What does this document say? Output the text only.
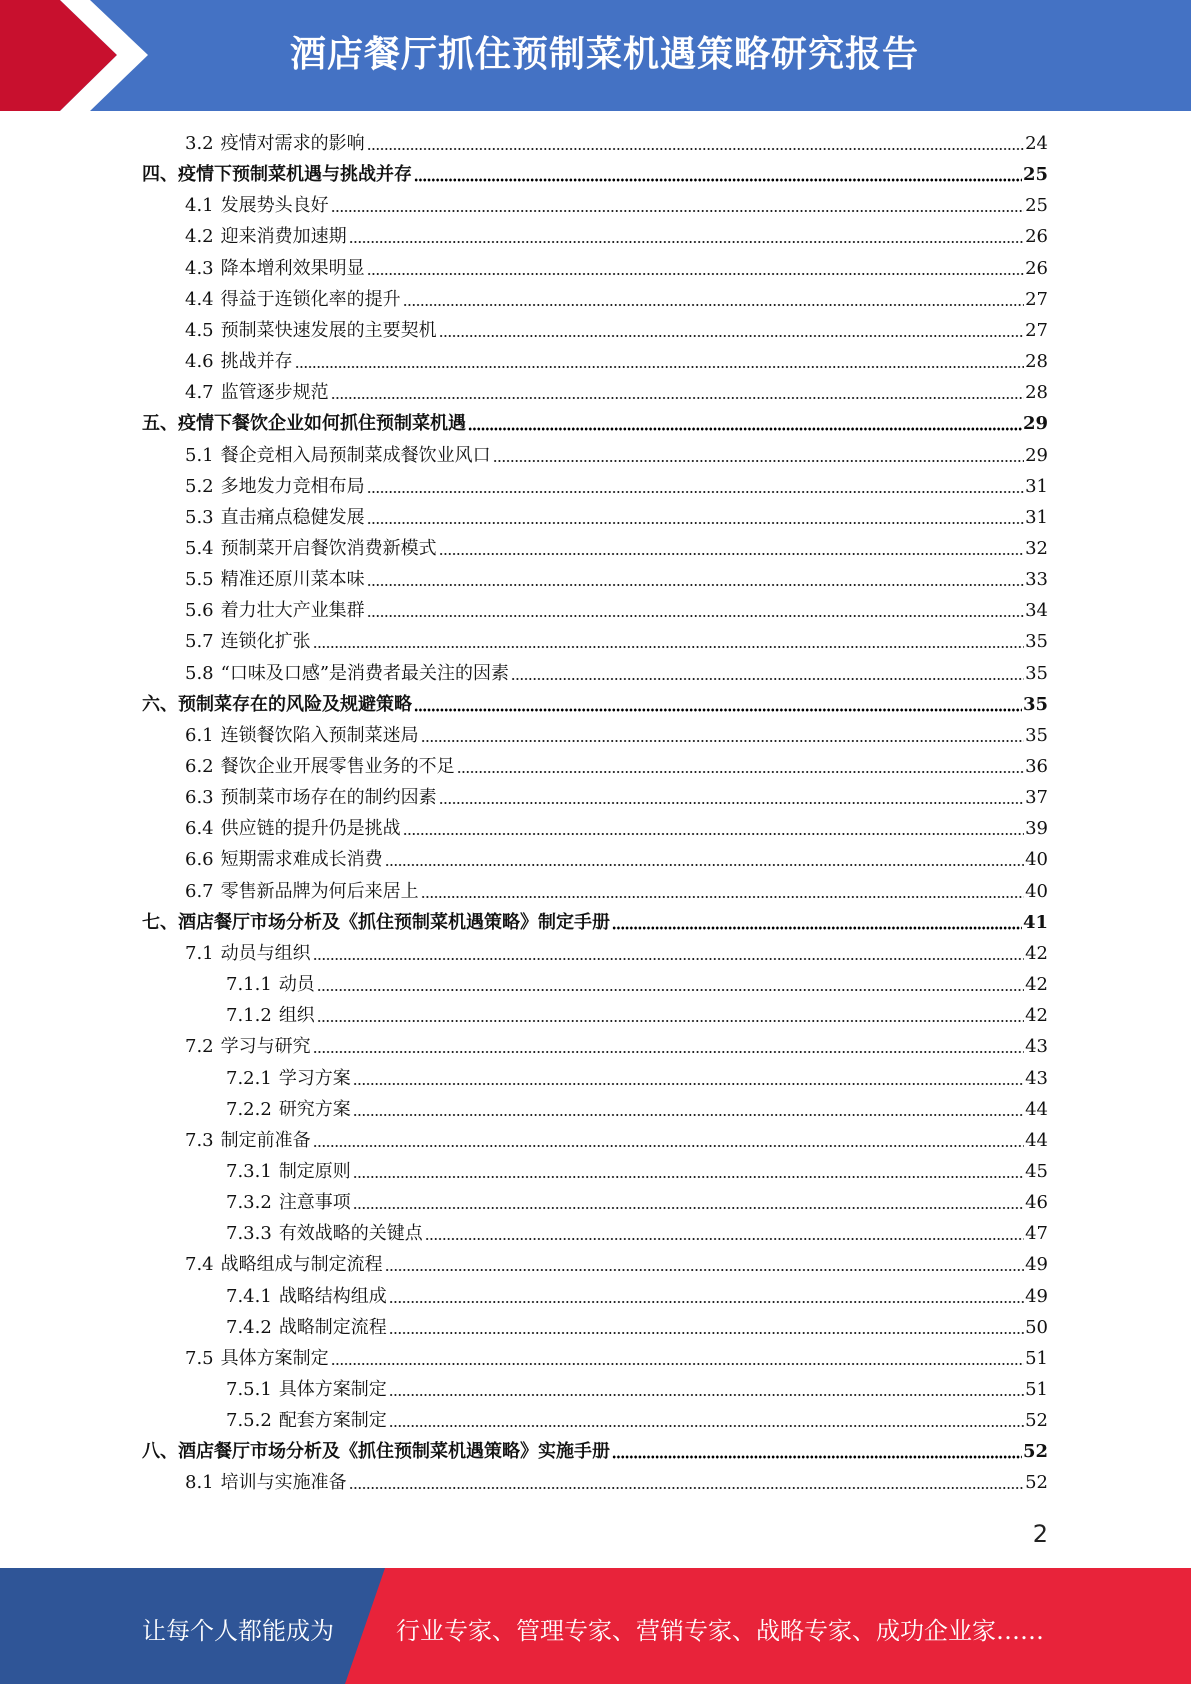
酒店餐厅抓住预制菜机遇策略研究报告
3.2 疫情对需求的影响	24
四、疫情下预制菜机遇与挑战并存	25
4.1 发展势头良好	25
4.2 迎来消费加速期	26
4.3 降本增利效果明显	26
4.4 得益于连锁化率的提升	27
4.5 预制菜快速发展的主要契机	27
4.6 挑战并存	28
4.7 监管逐步规范	28
五、疫情下餐饮企业如何抓住预制菜机遇	29
5.1 餐企竞相入局预制菜成餐饮业风口	29
5.2 多地发力竞相布局	31
5.3 直击痛点稳健发展	31
5.4 预制菜开启餐饮消费新模式	32
5.5 精准还原川菜本味	33
5.6 着力壮大产业集群	34
5.7 连锁化扩张	35
5.8 “口味及口感”是消费者最关注的因素	35
六、预制菜存在的风险及规避策略	35
6.1 连锁餐饮陷入预制菜迷局	35
6.2 餐饮企业开展零售业务的不足	36
6.3 预制菜市场存在的制约因素	37
6.4 供应链的提升仍是挑战	39
6.6 短期需求难成长消费	40
6.7 零售新品牌为何后来居上	40
七、酒店餐厅市场分析及《抓住预制菜机遇策略》制定手册	41
7.1 动员与组织	42
7.1.1 动员	42
7.1.2 组织	42
7.2 学习与研究	43
7.2.1 学习方案	43
7.2.2 研究方案	44
7.3 制定前准备	44
7.3.1 制定原则	45
7.3.2 注意事项	46
7.3.3 有效战略的关键点	47
7.4 战略组成与制定流程	49
7.4.1 战略结构组成	49
7.4.2 战略制定流程	50
7.5 具体方案制定	51
7.5.1 具体方案制定	51
7.5.2 配套方案制定	52
八、酒店餐厅市场分析及《抓住预制菜机遇策略》实施手册	52
8.1 培训与实施准备	52
2
让每个人都能成为	行业专家、管理专家、营销专家、战略专家、成功企业家……
